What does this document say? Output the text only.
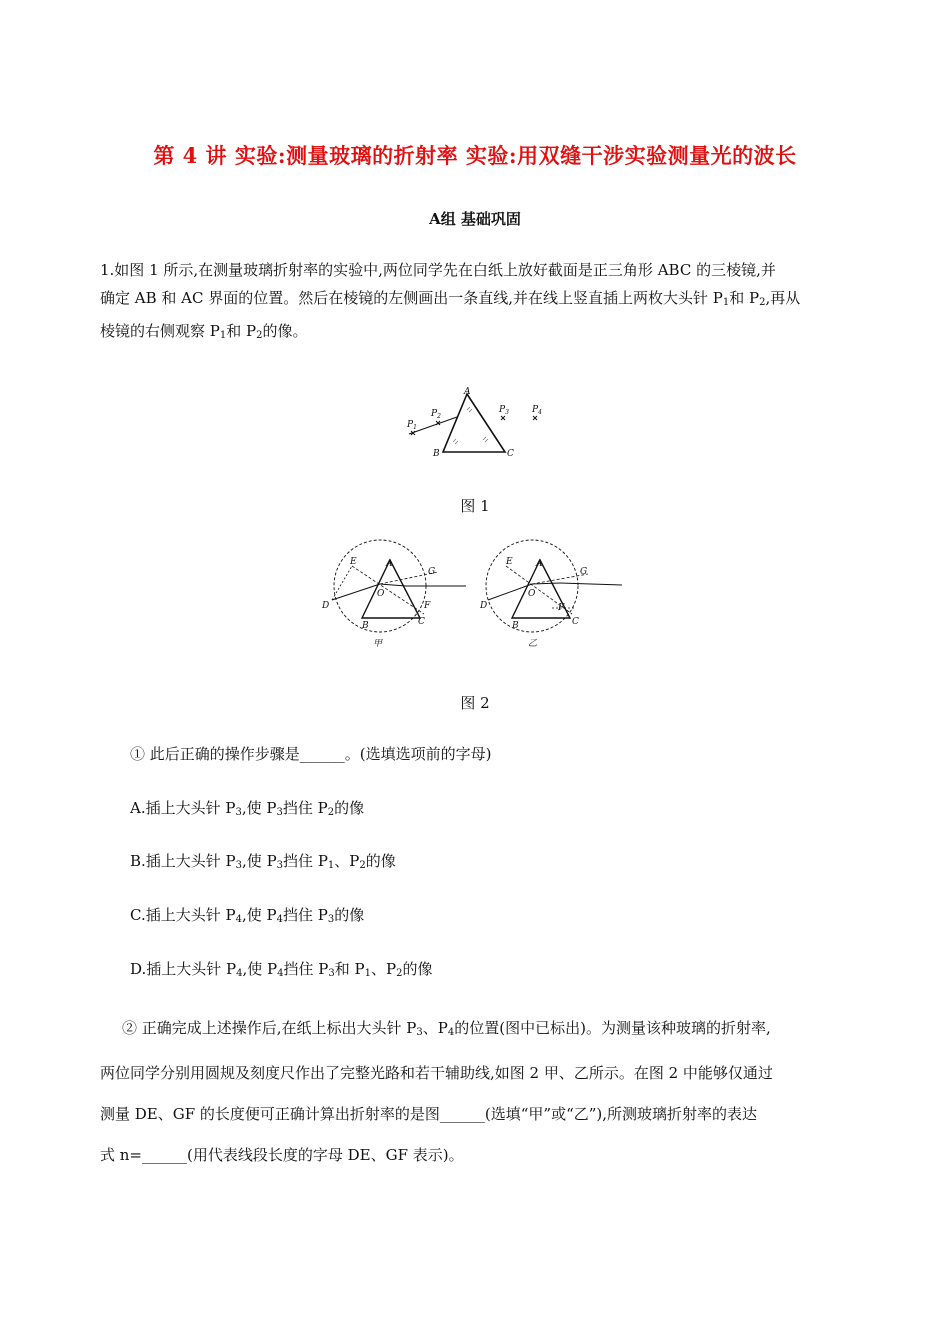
第 4 讲 实验:测量玻璃的折射率 实验:用双缝干涉实验测量光的波长
A组 基础巩固
1.如图 1 所示,在测量玻璃折射率的实验中,两位同学先在白纸上放好截面是正三角形 ABC 的三棱镜,并
确定 AB 和 AC 界面的位置。然后在棱镜的左侧画出一条直线,并在线上竖直插上两枚大头针 $P_1$和 $P_2$,再从
棱镜的右侧观察 $P_1$和 $P_2$的像。
A
B	C
$P_1$
$P_2$
$P_3$	$P_4$
图 1
D
E	A
O
F
G
B	C
甲
D
E	A
O
F
G
B	C
乙
图 2
① 此后正确的操作步骤是______。(选填选项前的字母)
A.插上大头针 $P_3$,使 $P_3$挡住 $P_2$的像
B.插上大头针 $P_3$,使 $P_3$挡住 $P_1$、$P_2$的像
C.插上大头针 $P_4$,使 $P_4$挡住 $P_3$的像
D.插上大头针 $P_4$,使 $P_4$挡住 $P_3$和 $P_1$、$P_2$的像
② 正确完成上述操作后,在纸上标出大头针 $P_3$、$P_4$的位置(图中已标出)。为测量该种玻璃的折射率,
两位同学分别用圆规及刻度尺作出了完整光路和若干辅助线,如图 2 甲、乙所示。在图 2 中能够仅通过
测量 DE、GF 的长度便可正确计算出折射率的是图______(选填“甲”或“乙”),所测玻璃折射率的表达
式 n=______(用代表线段长度的字母 DE、GF 表示)。
